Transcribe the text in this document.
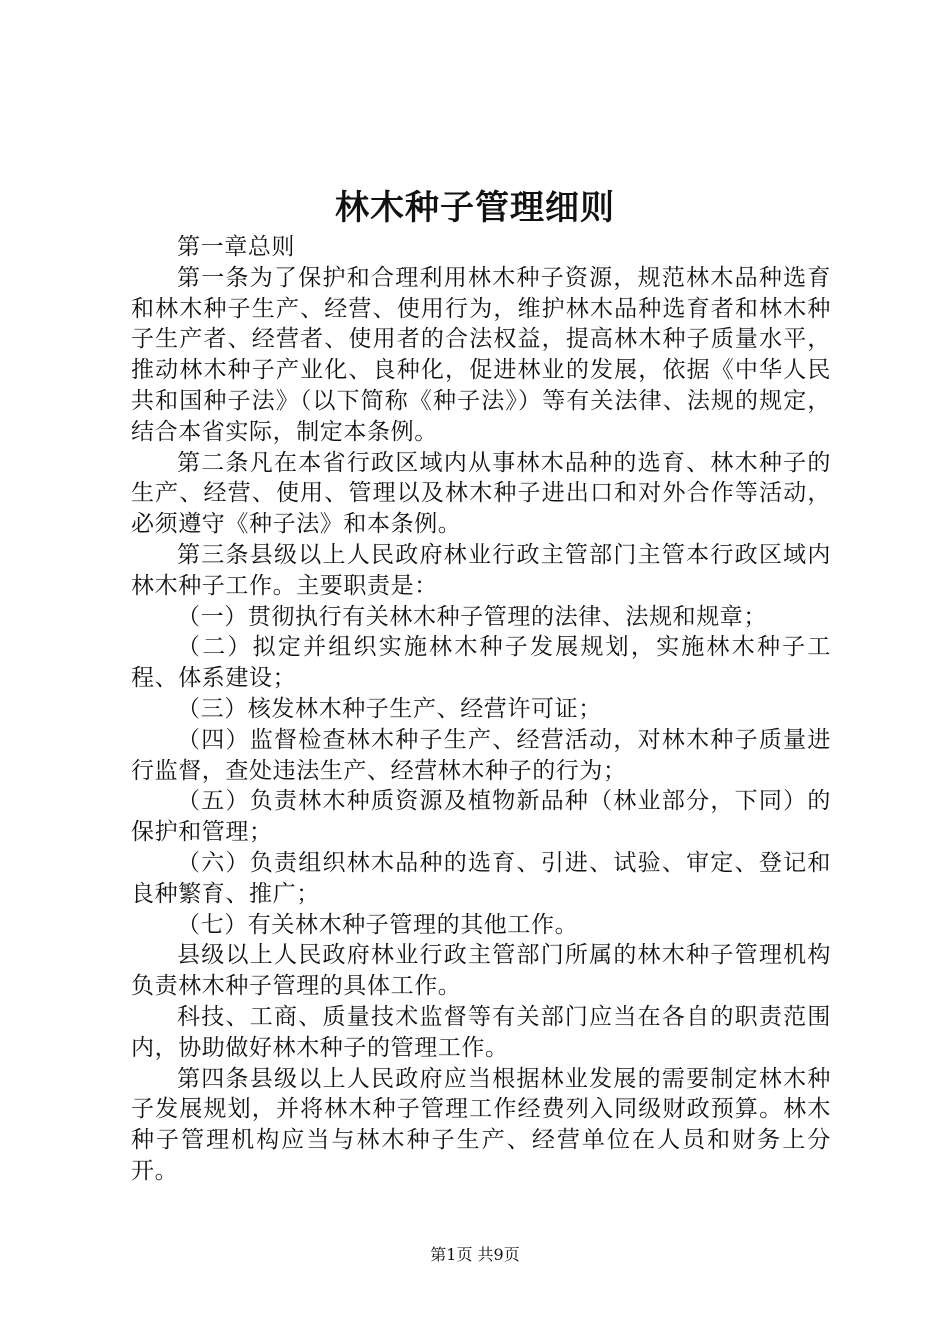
林木种子管理细则

第一章总则

第一条为了保护和合理利用林木种子资源，规范林木品种选育和林木种子生产、经营、使用行为，维护林木品种选育者和林木种子生产者、经营者、使用者的合法权益，提高林木种子质量水平，推动林木种子产业化、良种化，促进林业的发展，依据《中华人民共和国种子法》（以下简称《种子法》）等有关法律、法规的规定，结合本省实际，制定本条例。

第二条凡在本省行政区域内从事林木品种的选育、林木种子的生产、经营、使用、管理以及林木种子进出口和对外合作等活动，必须遵守《种子法》和本条例。

第三条县级以上人民政府林业行政主管部门主管本行政区域内林木种子工作。主要职责是：

（一）贯彻执行有关林木种子管理的法律、法规和规章；

（二）拟定并组织实施林木种子发展规划，实施林木种子工程、体系建设；

（三）核发林木种子生产、经营许可证；

（四）监督检查林木种子生产、经营活动，对林木种子质量进行监督，查处违法生产、经营林木种子的行为；

（五）负责林木种质资源及植物新品种（林业部分，下同）的保护和管理；

（六）负责组织林木品种的选育、引进、试验、审定、登记和良种繁育、推广；

（七）有关林木种子管理的其他工作。

县级以上人民政府林业行政主管部门所属的林木种子管理机构负责林木种子管理的具体工作。

科技、工商、质量技术监督等有关部门应当在各自的职责范围内，协助做好林木种子的管理工作。

第四条县级以上人民政府应当根据林业发展的需要制定林木种子发展规划，并将林木种子管理工作经费列入同级财政预算。林木种子管理机构应当与林木种子生产、经营单位在人员和财务上分开。

第1页 共9页
